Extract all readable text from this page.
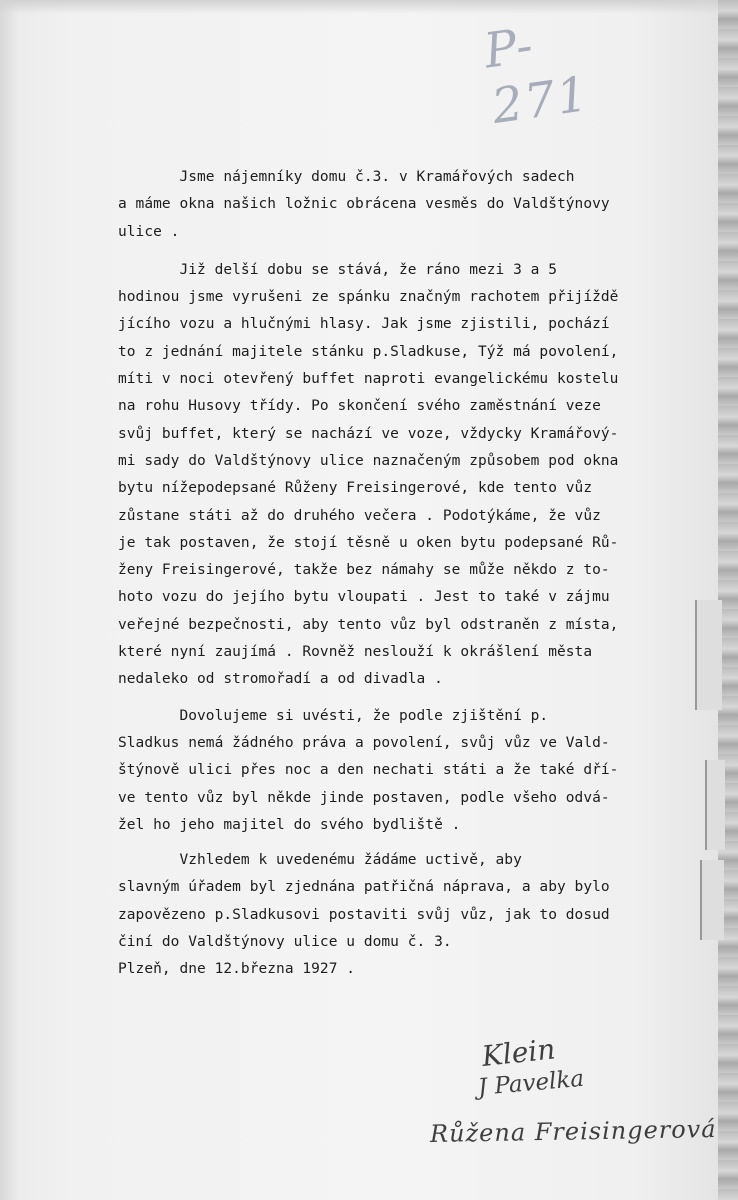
P-271
Jsme nájemníky domu č.3. v Kramářových sadech
a máme okna našich ložnic obrácena vesměs do Valdštýnovy
ulice .
Již delší dobu se stává, že ráno mezi 3 a 5
hodinou jsme vyrušeni ze spánku značným rachotem přijíždě
jícího vozu a hlučnými hlasy. Jak jsme zjistili, pochází
to z jednání majitele stánku p.Sladkuse, Týž má povolení,
míti v noci otevřený buffet naproti evangelickému kostelu
na rohu Husovy třídy. Po skončení svého zaměstnání veze
svůj buffet, který se nachází ve voze, vždycky Kramářový-
mi sady do Valdštýnovy ulice naznačeným způsobem pod okna
bytu nížepodepsané Růženy Freisingerové, kde tento vůz
zůstane státi až do druhého večera . Podotýkáme, že vůz
je tak postaven, že stojí těsně u oken bytu podepsané Rů-
ženy Freisingerové, takže bez námahy se může někdo z to-
hoto vozu do jejího bytu vloupati . Jest to také v zájmu
veřejné bezpečnosti, aby tento vůz byl odstraněn z místa,
které nyní zaujímá . Rovněž neslouží k okrášlení města
nedaleko od stromořadí a od divadla .
Dovolujeme si uvésti, že podle zjištění p.
Sladkus nemá žádného práva a povolení, svůj vůz ve Vald-
štýnově ulici přes noc a den nechati státi a že také dří-
ve tento vůz byl někde jinde postaven, podle všeho odvá-
žel ho jeho majitel do svého bydliště .
Vzhledem k uvedenému žádáme uctivě, aby
slavným úřadem byl zjednána patřičná náprava, a aby bylo
zapovězeno p.Sladkusovi postaviti svůj vůz, jak to dosud
činí do Valdštýnovy ulice u domu č. 3.
Plzeň, dne 12.března 1927 .
Klein
J Pavelka
Růžena Freisingerová
